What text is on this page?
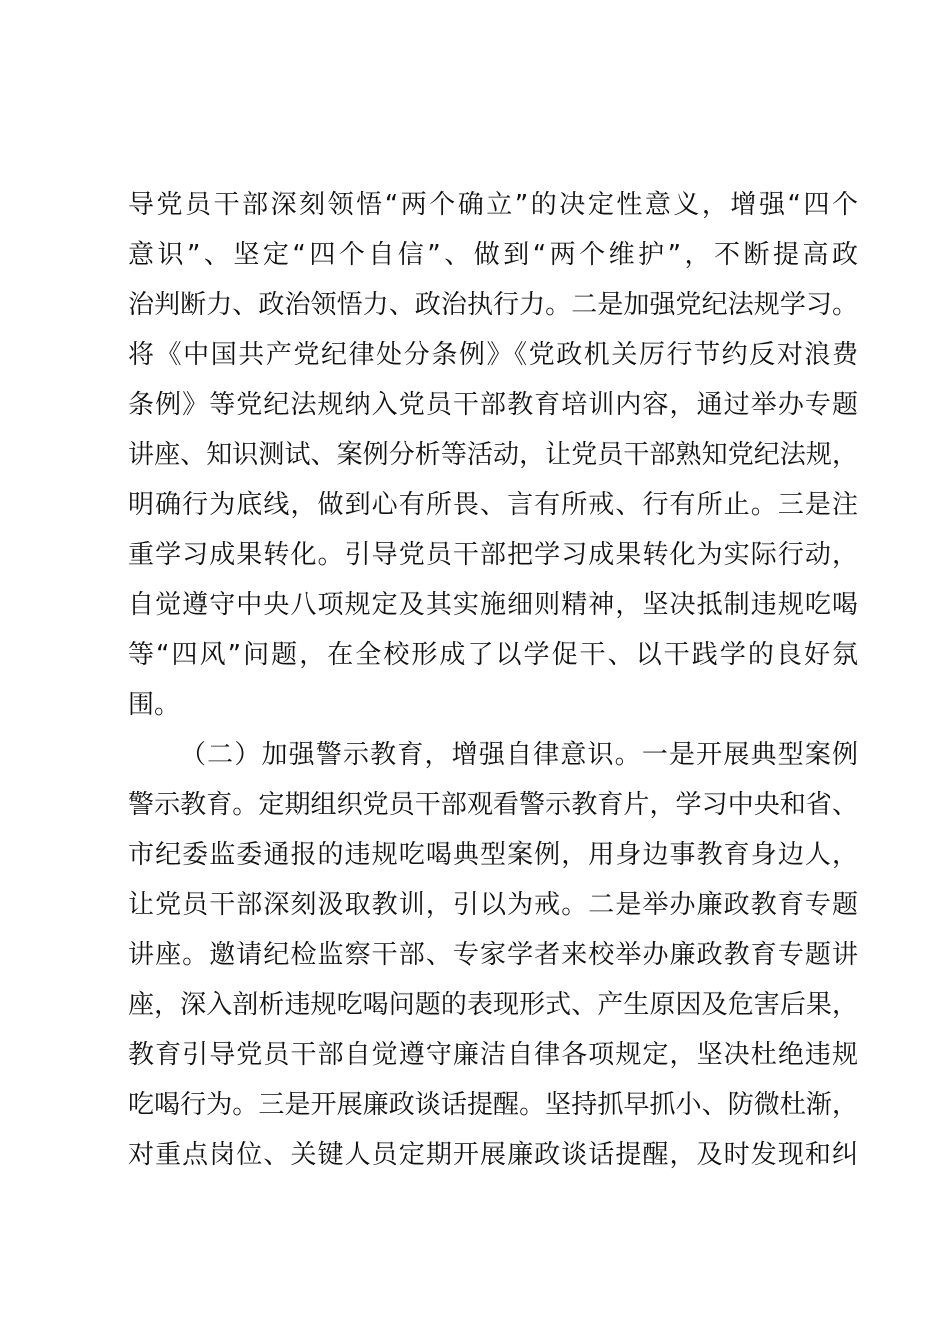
导党员干部深刻领悟“两个确立”的决定性意义，增强“四个
意识”、坚定“四个自信”、做到“两个维护”，不断提高政
治判断力、政治领悟力、政治执行力。二是加强党纪法规学习。
将《中国共产党纪律处分条例》《党政机关厉行节约反对浪费
条例》等党纪法规纳入党员干部教育培训内容，通过举办专题
讲座、知识测试、案例分析等活动，让党员干部熟知党纪法规，
明确行为底线，做到心有所畏、言有所戒、行有所止。三是注
重学习成果转化。引导党员干部把学习成果转化为实际行动，
自觉遵守中央八项规定及其实施细则精神，坚决抵制违规吃喝
等“四风”问题，在全校形成了以学促干、以干践学的良好氛
围。
（二）加强警示教育，增强自律意识。一是开展典型案例
警示教育。定期组织党员干部观看警示教育片，学习中央和省、
市纪委监委通报的违规吃喝典型案例，用身边事教育身边人，
让党员干部深刻汲取教训，引以为戒。二是举办廉政教育专题
讲座。邀请纪检监察干部、专家学者来校举办廉政教育专题讲
座，深入剖析违规吃喝问题的表现形式、产生原因及危害后果，
教育引导党员干部自觉遵守廉洁自律各项规定，坚决杜绝违规
吃喝行为。三是开展廉政谈话提醒。坚持抓早抓小、防微杜渐，
对重点岗位、关键人员定期开展廉政谈话提醒，及时发现和纠
